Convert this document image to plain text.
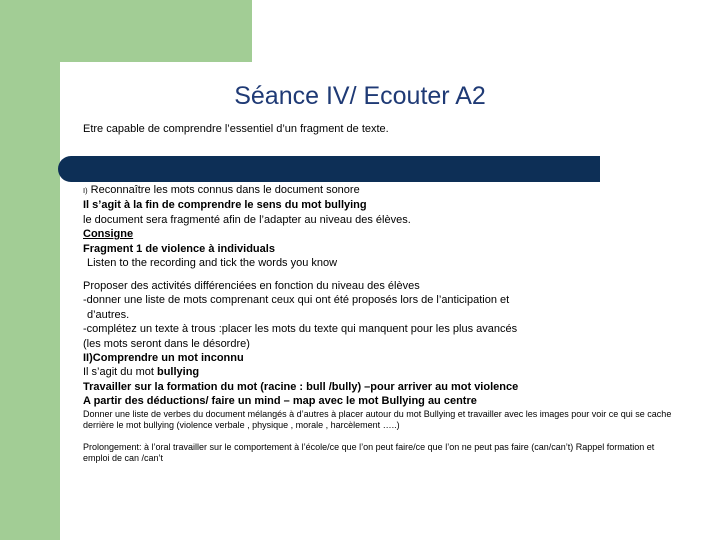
Séance IV/ Ecouter A2
Etre capable de comprendre l’essentiel d’un fragment de texte.
I) Reconnaître les mots connus dans le document sonore
Il s’agit à la fin de comprendre le sens du mot bullying
le document sera fragmenté afin de l’adapter au niveau des élèves.
Consigne
Fragment 1 de violence à individuals
Listen to the recording and tick the words you know
Proposer des activités différenciées en fonction du niveau des élèves
-donner une liste de mots comprenant ceux qui ont été proposés lors de l’anticipation et
d’autres.
-complétez un texte à trous :placer les mots du texte qui manquent pour les plus avancés
(les mots seront dans le désordre)
II)Comprendre un mot inconnu
Il s’agit du mot bullying
Travailler sur la formation du mot (racine : bull /bully) –pour arriver au mot violence
A partir des déductions/ faire un mind – map avec le mot Bullying au centre
Donner une liste de verbes du document mélangés à d’autres à placer autour du mot Bullying et travailler avec les images pour voir ce qui se cache derrière le mot bullying (violence verbale , physique , morale , harcèlement …..)
Prolongement: à l’oral travailler sur le comportement à l’école/ce que l’on peut faire/ce que l’on ne peut pas faire (can/can’t) Rappel formation et emploi de can /can’t
